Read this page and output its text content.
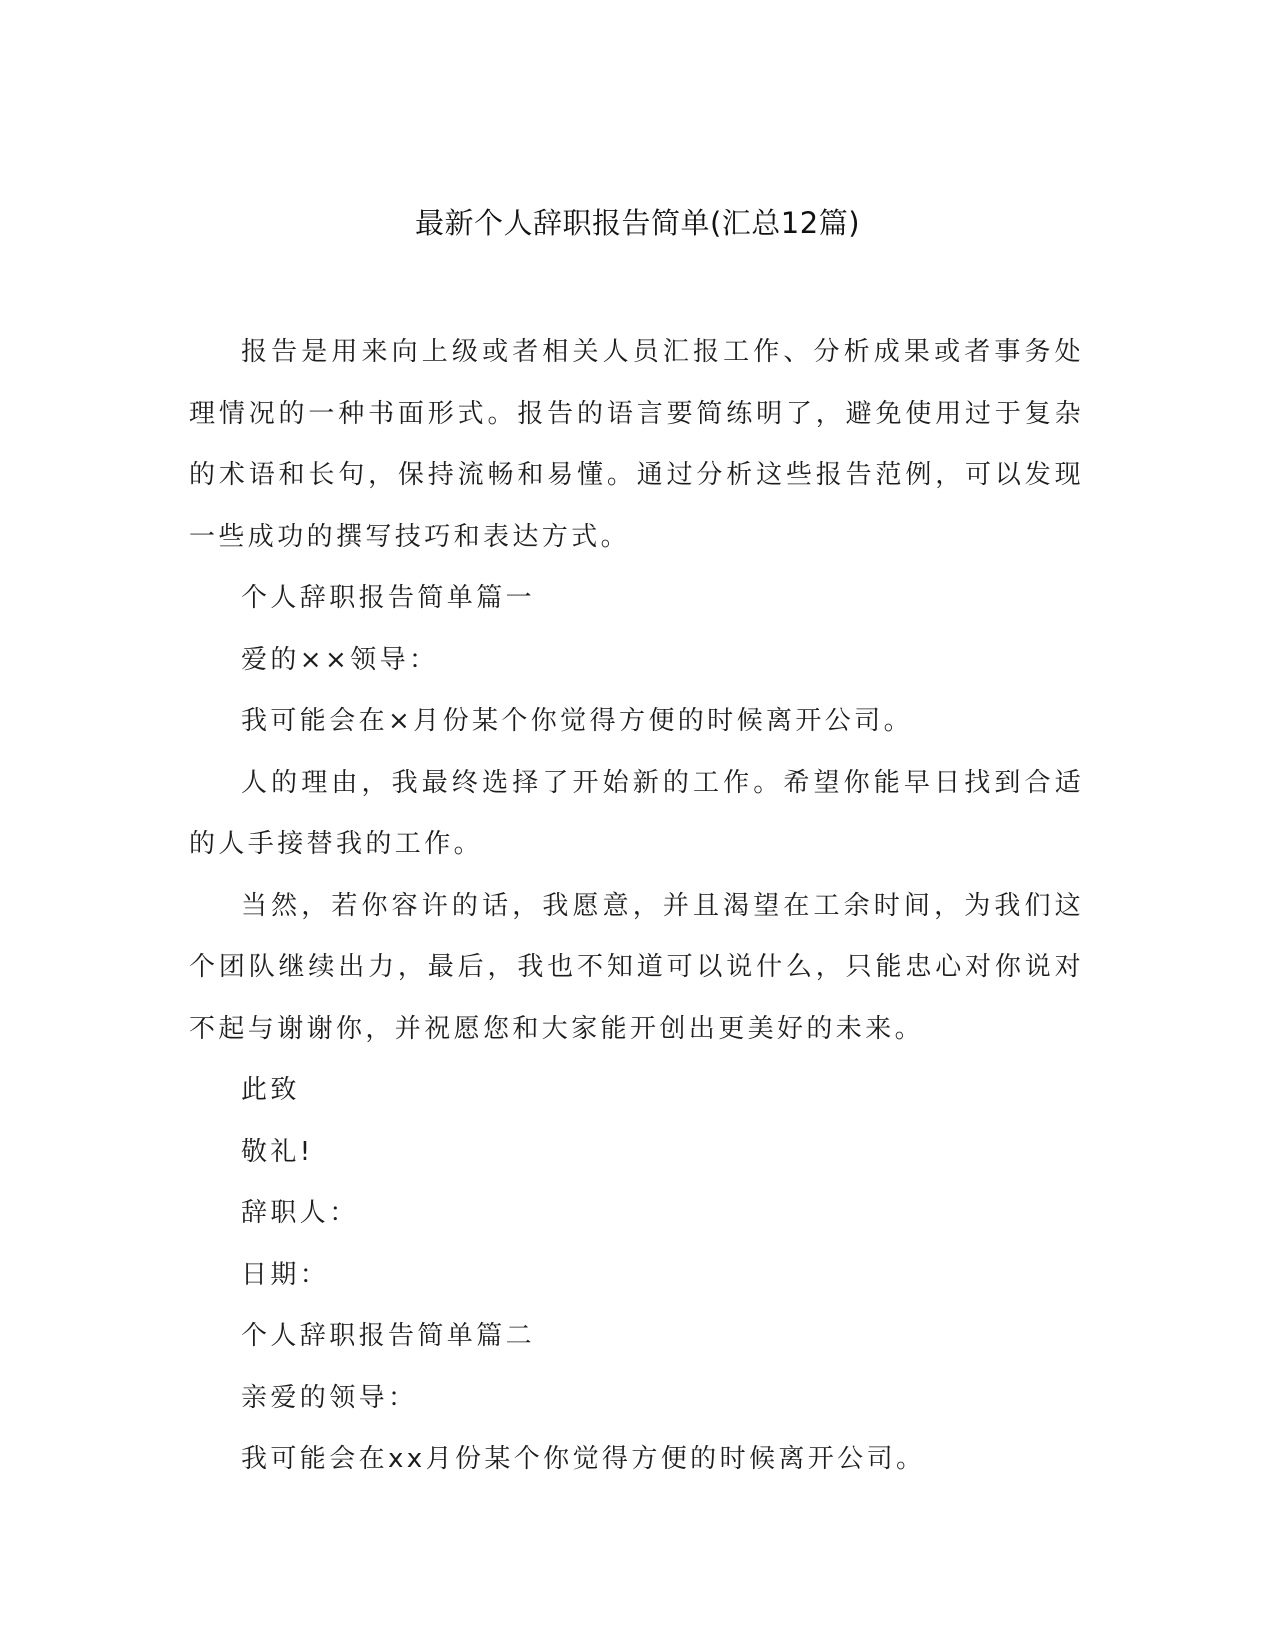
最新个人辞职报告简单(汇总12篇)

报告是用来向上级或者相关人员汇报工作、分析成果或者事务处理情况的一种书面形式。报告的语言要简练明了，避免使用过于复杂的术语和长句，保持流畅和易懂。通过分析这些报告范例，可以发现一些成功的撰写技巧和表达方式。

个人辞职报告简单篇一

爱的××领导：

我可能会在×月份某个你觉得方便的时候离开公司。

人的理由，我最终选择了开始新的工作。希望你能早日找到合适的人手接替我的工作。

当然，若你容许的话，我愿意，并且渴望在工余时间，为我们这个团队继续出力，最后，我也不知道可以说什么，只能忠心对你说对不起与谢谢你，并祝愿您和大家能开创出更美好的未来。

此致

敬礼!

辞职人：

日期：

个人辞职报告简单篇二

亲爱的领导：

我可能会在xx月份某个你觉得方便的时候离开公司。
